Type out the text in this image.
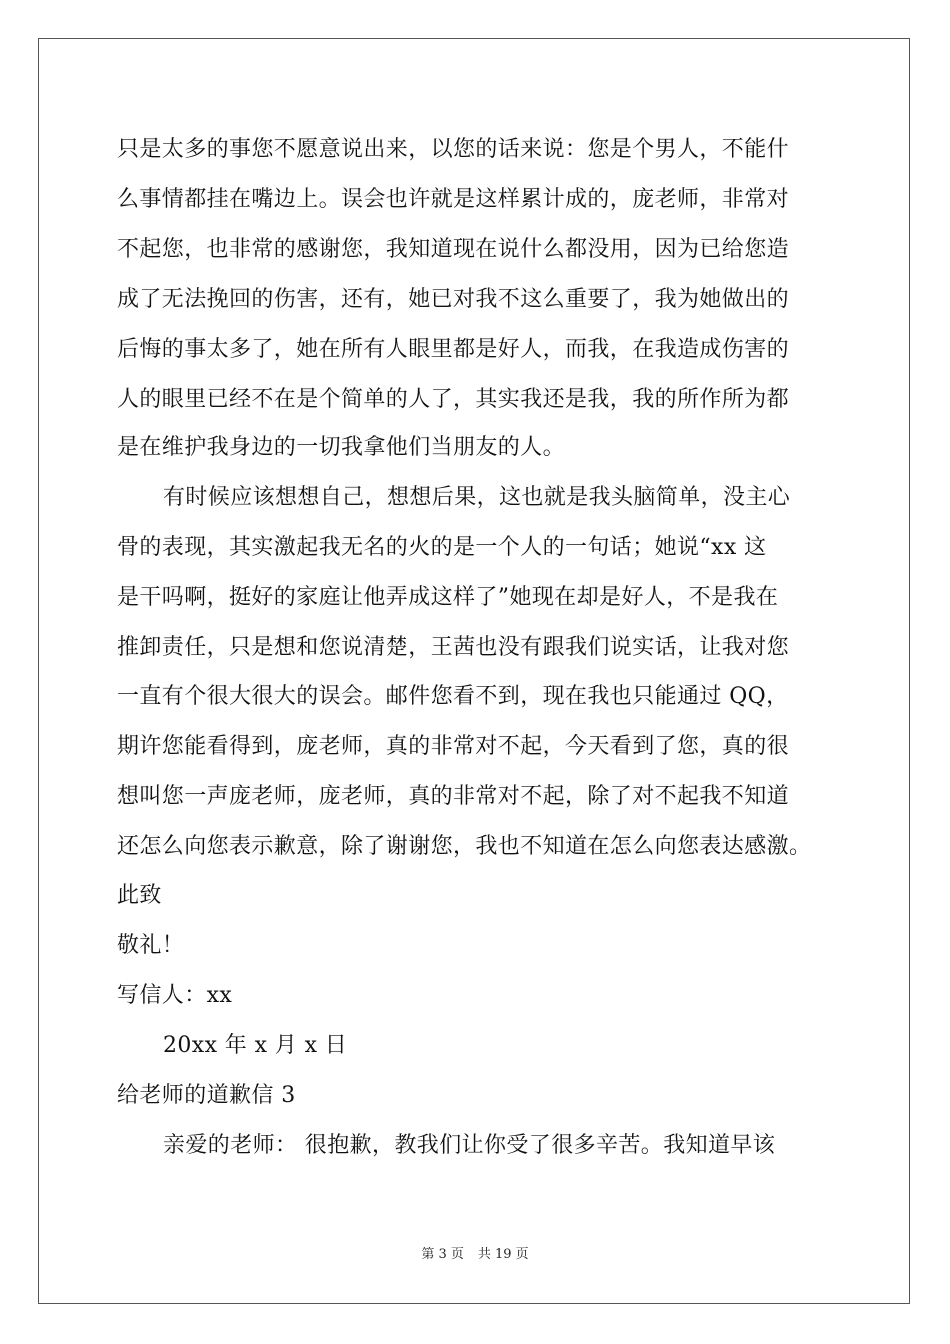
只是太多的事您不愿意说出来，以您的话来说：您是个男人，不能什
么事情都挂在嘴边上。误会也许就是这样累计成的，庞老师，非常对
不起您，也非常的感谢您，我知道现在说什么都没用，因为已给您造
成了无法挽回的伤害，还有，她已对我不这么重要了，我为她做出的
后悔的事太多了，她在所有人眼里都是好人，而我，在我造成伤害的
人的眼里已经不在是个简单的人了，其实我还是我，我的所作所为都
是在维护我身边的一切我拿他们当朋友的人。
有时候应该想想自己，想想后果，这也就是我头脑简单，没主心
骨的表现，其实激起我无名的火的是一个人的一句话；她说“xx 这
是干吗啊，挺好的家庭让他弄成这样了”她现在却是好人，不是我在
推卸责任，只是想和您说清楚，王茜也没有跟我们说实话，让我对您
一直有个很大很大的误会。邮件您看不到，现在我也只能通过 QQ，
期许您能看得到，庞老师，真的非常对不起，今天看到了您，真的很
想叫您一声庞老师，庞老师，真的非常对不起，除了对不起我不知道
还怎么向您表示歉意，除了谢谢您，我也不知道在怎么向您表达感激。
此致
敬礼！
写信人：xx
20xx 年 x 月 x 日
给老师的道歉信 3
亲爱的老师： 很抱歉，教我们让你受了很多辛苦。我知道早该
第 3 页 共 19 页
